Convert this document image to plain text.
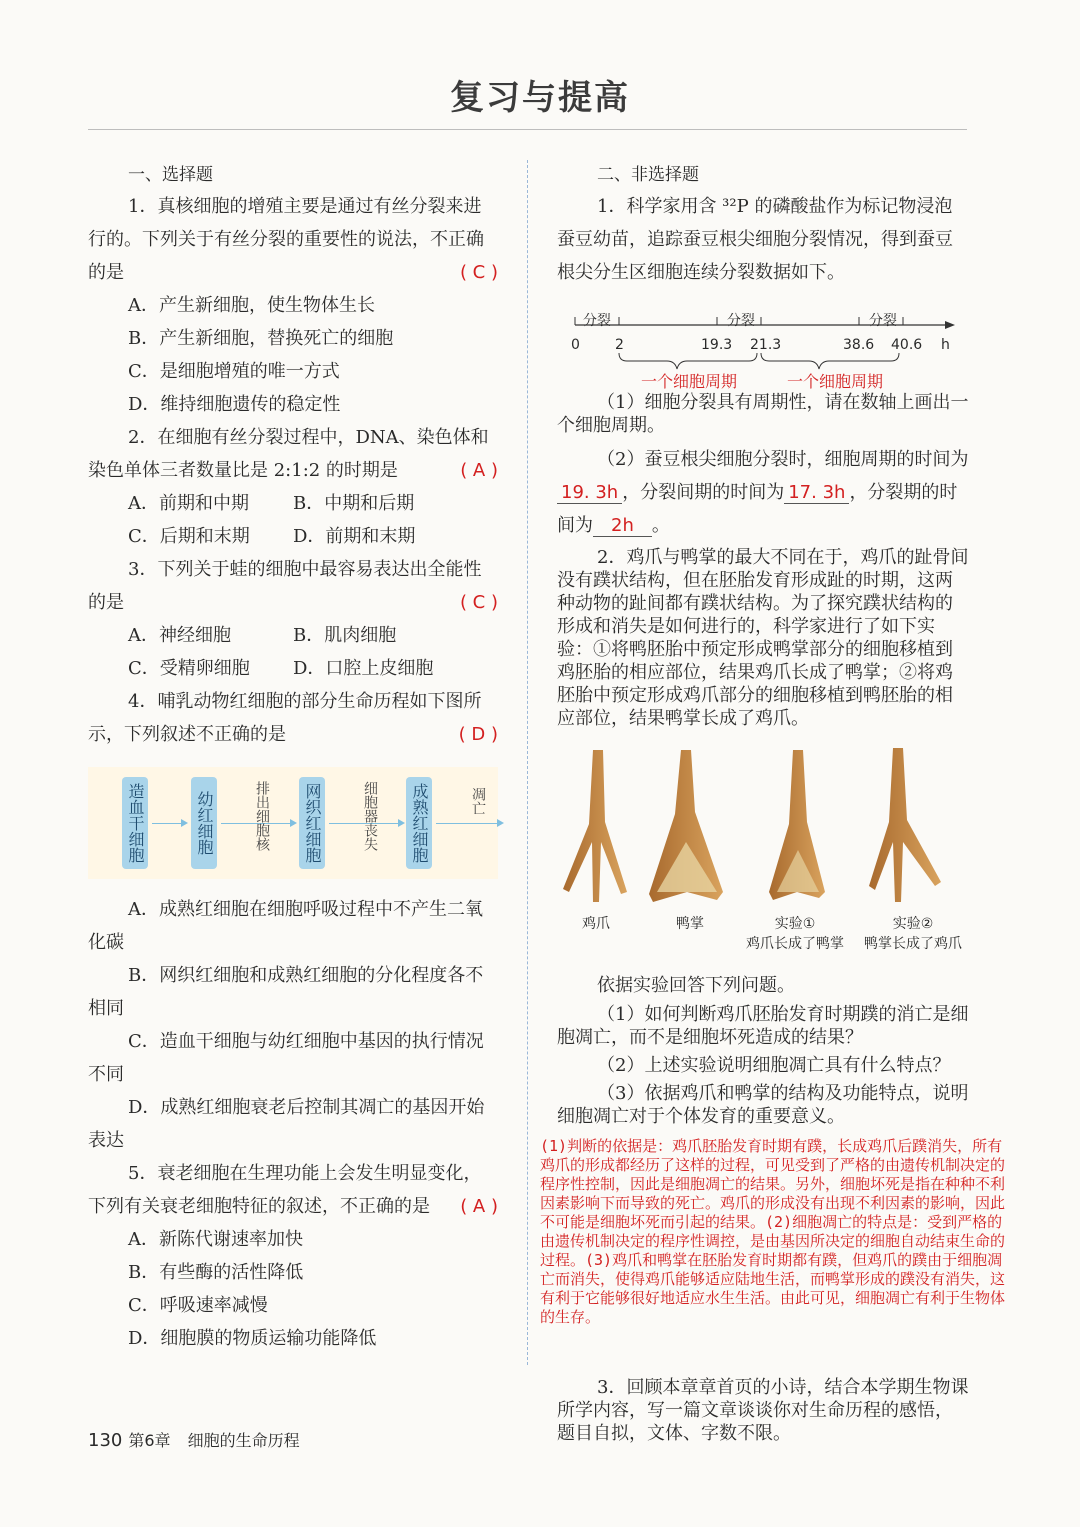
复习与提高
一、选择题

1．真核细胞的增殖主要是通过有丝分裂来进行的。下列关于有丝分裂的重要性的说法，不正确的是	( C )

A．产生新细胞，使生物体生长
B．产生新细胞，替换死亡的细胞
C．是细胞增殖的唯一方式
D．维持细胞遗传的稳定性

2．在细胞有丝分裂过程中，DNA、染色体和染色单体三者数量比是 2:1:2 的时期是	( A )

A．前期和中期	B．中期和后期
C．后期和末期	D．前期和末期

3．下列关于蛙的细胞中最容易表达出全能性的是	( C )

A．神经细胞	B．肌肉细胞
C．受精卵细胞	D．口腔上皮细胞

4．哺乳动物红细胞的部分生命历程如下图所示，下列叙述不正确的是	( D )

造血干细胞	幼红细胞	排出细胞核 网织红细胞	细胞器丧失 成熟红细胞	凋亡

A．成熟红细胞在细胞呼吸过程中不产生二氧化碳

B．网织红细胞和成熟红细胞的分化程度各不相同

C．造血干细胞与幼红细胞中基因的执行情况不同

D．成熟红细胞衰老后控制其凋亡的基因开始表达

5．衰老细胞在生理功能上会发生明显变化，下列有关衰老细胞特征的叙述，不正确的是 ( A )

A．新陈代谢速率加快
B．有些酶的活性降低
C．呼吸速率减慢
D．细胞膜的物质运输功能降低
二、非选择题

1．科学家用含 ³²P 的磷酸盐作为标记物浸泡蚕豆幼苗，追踪蚕豆根尖细胞分裂情况，得到蚕豆根尖分生区细胞连续分裂数据如下。

分裂	分裂	分裂
0	2	19.3 21.3	38.6 40.6 h
一个细胞周期	一个细胞周期

（1）细胞分裂具有周期性，请在数轴上画出一个细胞周期。

（2）蚕豆根尖细胞分裂时，细胞周期的时间为19. 3h ，分裂间期的时间为 17. 3h ，分裂期的时间为 2h 。

2．鸡爪与鸭掌的最大不同在于，鸡爪的趾骨间没有蹼状结构，但在胚胎发育形成趾的时期，这两种动物的趾间都有蹼状结构。为了探究蹼状结构的形成和消失是如何进行的，科学家进行了如下实验：①将鸭胚胎中预定形成鸭掌部分的细胞移植到鸡胚胎的相应部位，结果鸡爪长成了鸭掌；②将鸡胚胎中预定形成鸡爪部分的细胞移植到鸭胚胎的相应部位，结果鸭掌长成了鸡爪。

鸡爪	鸭掌	实验①
鸡爪长成了鸭掌
实验②
鸭掌长成了鸡爪

依据实验回答下列问题。

（1）如何判断鸡爪胚胎发育时期蹼的消亡是细胞凋亡，而不是细胞坏死造成的结果？

（2）上述实验说明细胞凋亡具有什么特点？

（3）依据鸡爪和鸭掌的结构及功能特点，说明细胞凋亡对于个体发育的重要意义。

(1)判断的依据是：鸡爪胚胎发育时期有蹼，长成鸡爪后蹼消失，所有鸡爪的形成都经历了这样的过程，可见受到了严格的由遗传机制决定的程序性控制，因此是细胞凋亡的结果。另外，细胞坏死是指在种种不利因素影响下而导致的死亡。鸡爪的形成没有出现不利因素的影响，因此不可能是细胞坏死而引起的结果。(2)细胞凋亡的特点是：受到严格的由遗传机制决定的程序性调控，是由基因所决定的细胞自动结束生命的过程。(3)鸡爪和鸭掌在胚胎发育时期都有蹼，但鸡爪的蹼由于细胞凋亡而消失，使得鸡爪能够适应陆地生活，而鸭掌形成的蹼没有消失，这有利于它能够很好地适应水生生活。由此可见，细胞凋亡有利于生物体的生存。

3．回顾本章章首页的小诗，结合本学期生物课所学内容，写一篇文章谈谈你对生命历程的感悟，题目自拟，文体、字数不限。

130 第6章 细胞的生命历程
